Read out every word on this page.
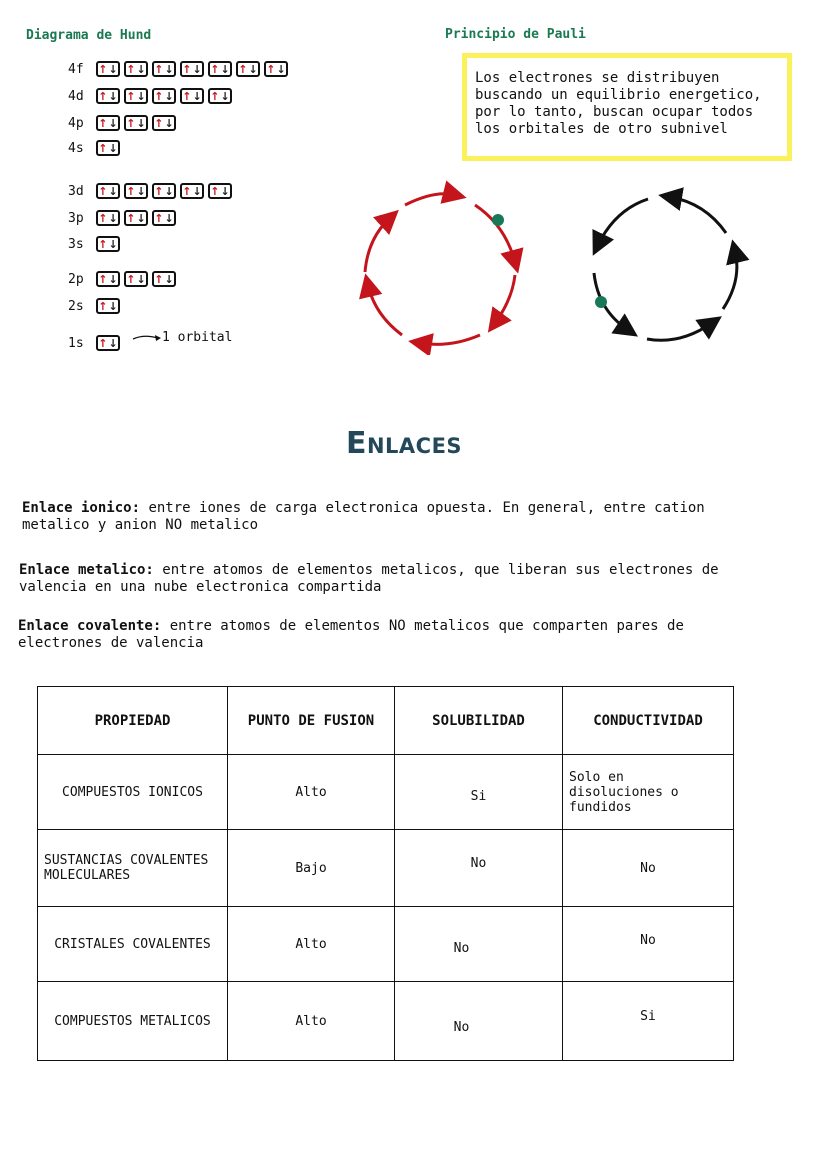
Diagrama de Hund
4f	↑ ↓ ↑ ↓ ↑ ↓ ↑ ↓ ↑ ↓ ↑ ↓ ↑ ↓
4d	↑ ↓ ↑ ↓ ↑ ↓ ↑ ↓ ↑ ↓
4p	↑ ↓ ↑ ↓ ↑ ↓
4s	↑ ↓
3d	↑ ↓ ↑ ↓ ↑ ↓ ↑ ↓ ↑ ↓
3p	↑ ↓ ↑ ↓ ↑ ↓
3s	↑ ↓
2p	↑ ↓ ↑ ↓ ↑ ↓
2s	↑ ↓
1s	↑ ↓	1 orbital
Principio de Pauli
Los electrones se distribuyen
buscando un equilibrio energetico,
por lo tanto, buscan ocupar todos
los orbitales de otro subnivel
Enlaces
Enlace ionico: entre iones de carga electronica opuesta. En general, entre cation
metalico y anion NO metalico
Enlace metalico: entre atomos de elementos metalicos, que liberan sus electrones de
valencia en una nube electronica compartida
Enlace covalente: entre atomos de elementos NO metalicos que comparten pares de
electrones de valencia
PROPIEDAD	PUNTO DE FUSION	SOLUBILIDAD	CONDUCTIVIDAD
COMPUESTOS IONICOS	Alto	Si	Solo en
disoluciones o
fundidos

SUSTANCIAS COVALENTES
MOLECULARES	Bajo	No	No
CRISTALES COVALENTES	Alto	No	No
COMPUESTOS METALICOS	Alto	No	Si
